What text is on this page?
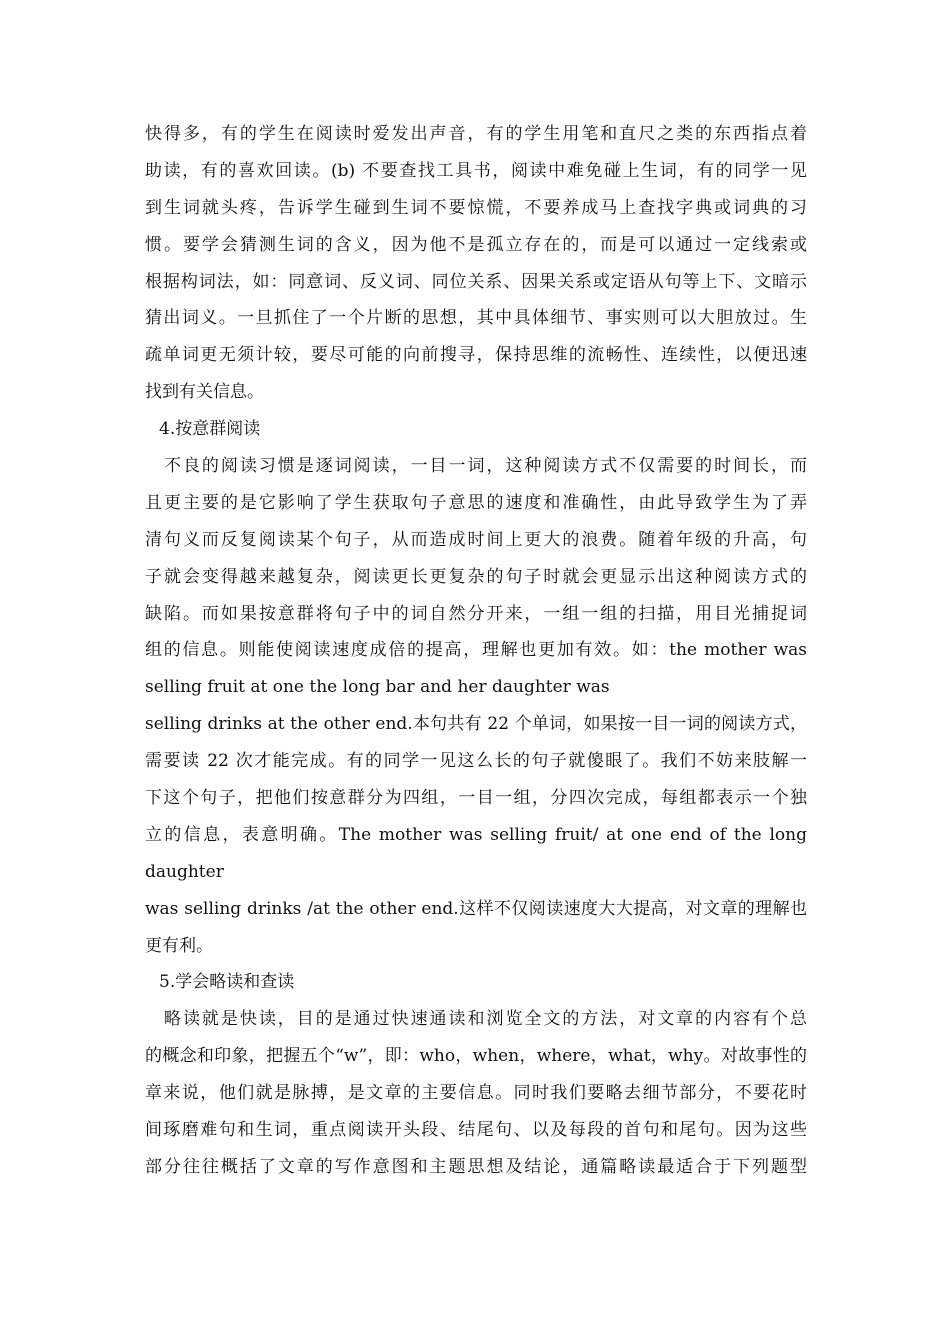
快得多，有的学生在阅读时爱发出声音，有的学生用笔和直尺之类的东西指点着
助读，有的喜欢回读。(b) 不要查找工具书，阅读中难免碰上生词，有的同学一见
到生词就头疼，告诉学生碰到生词不要惊慌，不要养成马上查找字典或词典的习
惯。要学会猜测生词的含义，因为他不是孤立存在的，而是可以通过一定线索或
根据构词法，如：同意词、反义词、同位关系、因果关系或定语从句等上下、文暗示
猜出词义。一旦抓住了一个片断的思想，其中具体细节、事实则可以大胆放过。生
疏单词更无须计较，要尽可能的向前搜寻，保持思维的流畅性、连续性，以便迅速
找到有关信息。
4.按意群阅读
　不良的阅读习惯是逐词阅读，一目一词，这种阅读方式不仅需要的时间长，而
且更主要的是它影响了学生获取句子意思的速度和准确性，由此导致学生为了弄
清句义而反复阅读某个句子，从而造成时间上更大的浪费。随着年级的升高，句
子就会变得越来越复杂，阅读更长更复杂的句子时就会更显示出这种阅读方式的
缺陷。而如果按意群将句子中的词自然分开来，一组一组的扫描，用目光捕捉词
组的信息。则能使阅读速度成倍的提高，理解也更加有效。如：the mother was
selling fruit at one the long bar and her daughter was
selling drinks at the other end.本句共有 22 个单词，如果按一目一词的阅读方式，
需要读 22 次才能完成。有的同学一见这么长的句子就傻眼了。我们不妨来肢解一
下这个句子，把他们按意群分为四组，一目一组，分四次完成，每组都表示一个独
立的信息，表意明确。The mother was selling fruit/ at one end of the long
daughter
was selling drinks /at the other end.这样不仅阅读速度大大提高，对文章的理解也
更有利。
5.学会略读和查读
　略读就是快读，目的是通过快速通读和浏览全文的方法，对文章的内容有个总
的概念和印象，把握五个“w”，即：who，when，where，what，why。对故事性的
章来说，他们就是脉搏，是文章的主要信息。同时我们要略去细节部分，不要花时
间琢磨难句和生词，重点阅读开头段、结尾句、以及每段的首句和尾句。因为这些
部分往往概括了文章的写作意图和主题思想及结论，通篇略读最适合于下列题型
